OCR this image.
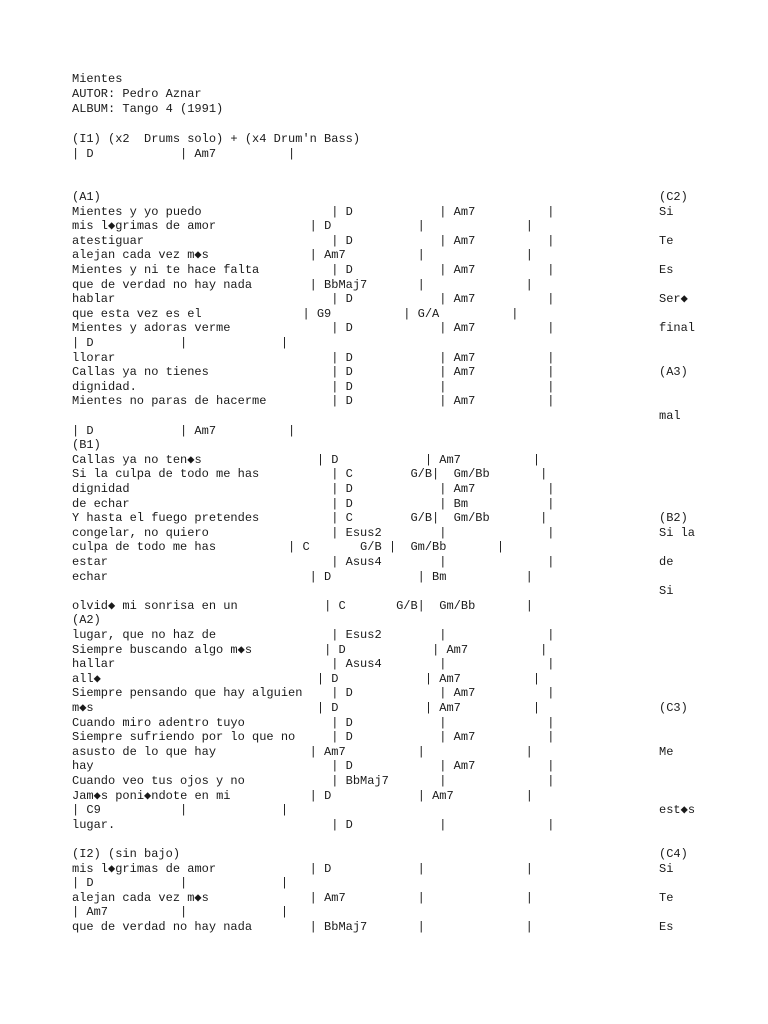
Mientes
AUTOR: Pedro Aznar
ALBUM: Tango 4 (1991)
(I1) (x2  Drums solo) + (x4 Drum'n Bass)
| D            | Am7          |
(A1)
Mientes y yo puedo                  | D            | Am7          |
mis l◆grimas de amor             | D            |              |
atestiguar                          | D            | Am7          |
alejan cada vez m◆s              | Am7          |              |
Mientes y ni te hace falta          | D            | Am7          |
que de verdad no hay nada        | BbMaj7       |              |
hablar                              | D            | Am7          |
que esta vez es el              | G9          | G/A          |
Mientes y adoras verme              | D            | Am7          |
| D            |             |
llorar                              | D            | Am7          |
Callas ya no tienes                 | D            | Am7          |
dignidad.                           | D            |              |
Mientes no paras de hacerme         | D            | Am7          |
| D            | Am7          |
(B1)
Callas ya no ten◆s                | D            | Am7          |
Si la culpa de todo me has          | C        G/B|  Gm/Bb       |
dignidad                            | D            | Am7          |
de echar                            | D            | Bm           |
Y hasta el fuego pretendes          | C        G/B|  Gm/Bb       |
congelar, no quiero                 | Esus2        |              |
culpa de todo me has          | C       G/B |  Gm/Bb       |
estar                               | Asus4        |              |
echar                            | D            | Bm           |
olvid◆ mi sonrisa en un            | C       G/B|  Gm/Bb       |
(A2)
lugar, que no haz de                | Esus2        |              |
Siempre buscando algo m◆s          | D            | Am7          |
hallar                              | Asus4        |              |
all◆                              | D            | Am7          |
Siempre pensando que hay alguien    | D            | Am7          |
m◆s                               | D            | Am7          |
Cuando miro adentro tuyo            | D            |              |
Siempre sufriendo por lo que no     | D            | Am7          |
asusto de lo que hay             | Am7          |              |
hay                                 | D            | Am7          |
Cuando veo tus ojos y no            | BbMaj7       |              |
Jam◆s poni◆ndote en mi           | D            | Am7          |
| C9           |             |
lugar.                              | D            |              |
(I2) (sin bajo)
mis l◆grimas de amor             | D            |              |
| D            |             |
alejan cada vez m◆s              | Am7          |              |
| Am7          |             |
que de verdad no hay nada        | BbMaj7       |              |
(C2)
Si
Te
Es
Ser◆
final
(A3)
mal
(B2)
Si la
de
Si
(C3)
Me
est◆s
(C4)
Si
Te
Es
